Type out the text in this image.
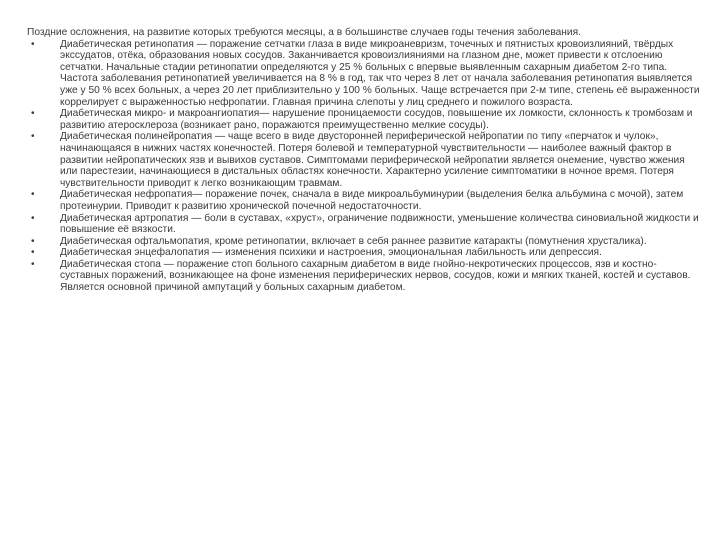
Поздние осложнения, на развитие которых требуются месяцы, а в большинстве случаев годы течения заболевания.

• Диабетическая ретинопатия — поражение сетчатки глаза в виде микроаневризм, точечных и пятнистых кровоизлияний, твёрдых экссудатов, отёка, образования новых сосудов. Заканчивается кровоизлияниями на глазном дне, может привести к отслоению сетчатки. Начальные стадии ретинопатии определяются у 25 % больных с впервые выявленным сахарным диабетом 2-го типа. Частота заболевания ретинопатией увеличивается на 8 % в год, так что через 8 лет от начала заболевания ретинопатия выявляется уже у 50 % всех больных, а через 20 лет приблизительно у 100 % больных. Чаще встречается при 2-м типе, степень её выраженности коррелирует с выраженностью нефропатии. Главная причина слепоты у лиц среднего и пожилого возраста.
• Диабетическая микро- и макроангиопатия— нарушение проницаемости сосудов, повышение их ломкости, склонность к тромбозам и развитию атеросклероза (возникает рано, поражаются преимущественно мелкие сосуды).
• Диабетическая полинейропатия — чаще всего в виде двусторонней периферической нейропатии по типу «перчаток и чулок», начинающаяся в нижних частях конечностей. Потеря болевой и температурной чувствительности — наиболее важный фактор в развитии нейропатических язв и вывихов суставов. Симптомами периферической нейропатии является онемение, чувство жжения или парестезии, начинающиеся в дистальных областях конечности. Характерно усиление симптоматики в ночное время. Потеря чувствительности приводит к легко возникающим травмам.
• Диабетическая нефропатия— поражение почек, сначала в виде микроальбуминурии (выделения белка альбумина с мочой), затем протеинурии. Приводит к развитию хронической почечной недостаточности.
• Диабетическая артропатия — боли в суставах, «хруст», ограничение подвижности, уменьшение количества синовиальной жидкости и повышение её вязкости.
• Диабетическая офтальмопатия, кроме ретинопатии, включает в себя раннее развитие катаракты (помутнения хрусталика).
• Диабетическая энцефалопатия — изменения психики и настроения, эмоциональная лабильность или депрессия.
• Диабетическая стопа — поражение стоп больного сахарным диабетом в виде гнойно-некротических процессов, язв и костно-суставных поражений, возникающее на фоне изменения периферических нервов, сосудов, кожи и мягких тканей, костей и суставов. Является основной причиной ампутаций у больных сахарным диабетом.
